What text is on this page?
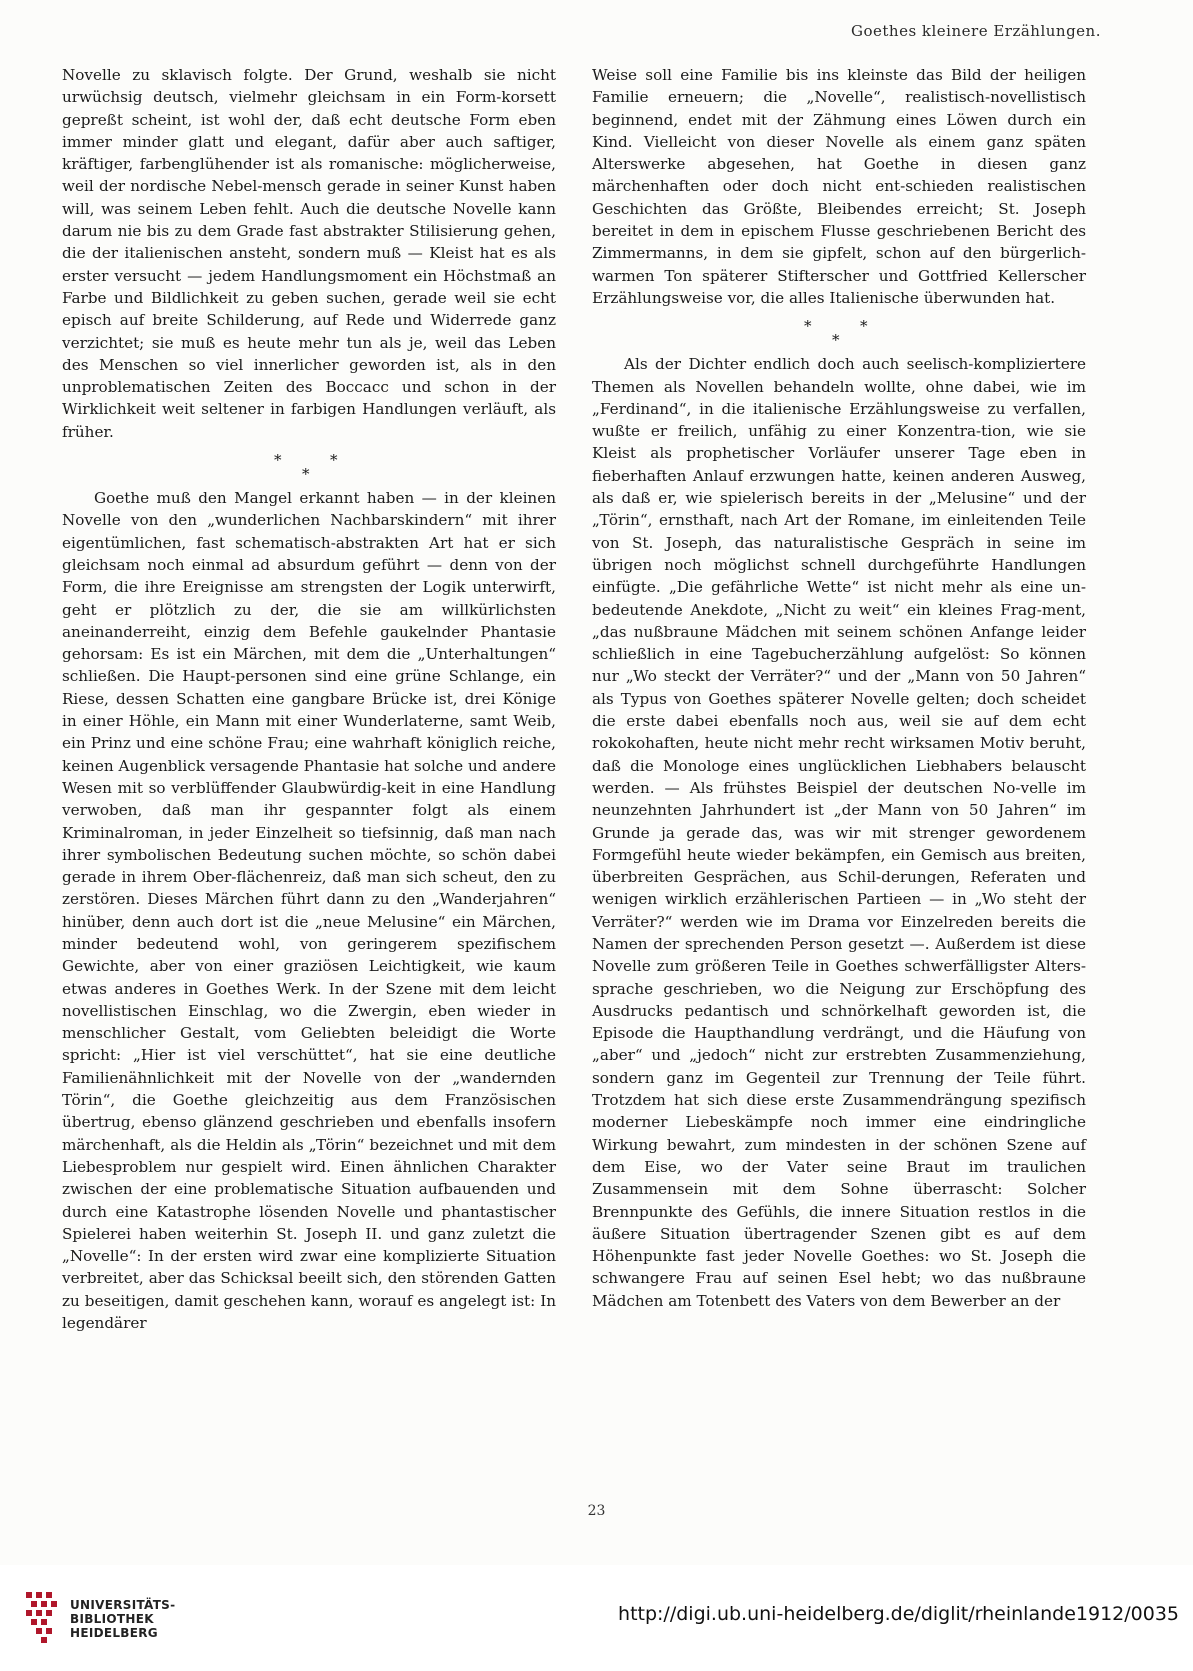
Goethes kleinere Erzählungen.

Novelle zu sklavisch folgte. Der Grund, weshalb sie nicht urwüchsig deutsch, vielmehr gleichsam in ein Form-korsett gepreßt scheint, ist wohl der, daß echt deutsche Form eben immer minder glatt und elegant, dafür aber auch saftiger, kräftiger, farbenglühender ist als romanische: möglicherweise, weil der nordische Nebel-mensch gerade in seiner Kunst haben will, was seinem Leben fehlt. Auch die deutsche Novelle kann darum nie bis zu dem Grade fast abstrakter Stilisierung gehen, die der italienischen ansteht, sondern muß — Kleist hat es als erster versucht — jedem Handlungsmoment ein Höchstmaß an Farbe und Bildlichkeit zu geben suchen, gerade weil sie echt episch auf breite Schilderung, auf Rede und Widerrede ganz verzichtet; sie muß es heute mehr tun als je, weil das Leben des Menschen so viel innerlicher geworden ist, als in den unproblematischen Zeiten des Boccacc und schon in der Wirklichkeit weit seltener in farbigen Handlungen verläuft, als früher.

*
*
*

Goethe muß den Mangel erkannt haben — in der kleinen Novelle von den „wunderlichen Nachbarskindern“ mit ihrer eigentümlichen, fast schematisch-abstrakten Art hat er sich gleichsam noch einmal ad absurdum geführt — denn von der Form, die ihre Ereignisse am strengsten der Logik unterwirft, geht er plötzlich zu der, die sie am willkürlichsten aneinanderreiht, einzig dem Befehle gaukelnder Phantasie gehorsam: Es ist ein Märchen, mit dem die „Unterhaltungen“ schließen. Die Haupt-personen sind eine grüne Schlange, ein Riese, dessen Schatten eine gangbare Brücke ist, drei Könige in einer Höhle, ein Mann mit einer Wunderlaterne, samt Weib, ein Prinz und eine schöne Frau; eine wahrhaft königlich reiche, keinen Augenblick versagende Phantasie hat solche und andere Wesen mit so verblüffender Glaubwürdig-keit in eine Handlung verwoben, daß man ihr gespannter folgt als einem Kriminalroman, in jeder Einzelheit so tiefsinnig, daß man nach ihrer symbolischen Bedeutung suchen möchte, so schön dabei gerade in ihrem Ober-flächenreiz, daß man sich scheut, den zu zerstören. Dieses Märchen führt dann zu den „Wanderjahren“ hinüber, denn auch dort ist die „neue Melusine“ ein Märchen, minder bedeutend wohl, von geringerem spezifischem Gewichte, aber von einer graziösen Leichtigkeit, wie kaum etwas anderes in Goethes Werk. In der Szene mit dem leicht novellistischen Einschlag, wo die Zwergin, eben wieder in menschlicher Gestalt, vom Geliebten beleidigt die Worte spricht: „Hier ist viel verschüttet“, hat sie eine deutliche Familienähnlichkeit mit der Novelle von der „wandernden Törin“, die Goethe gleichzeitig aus dem Französischen übertrug, ebenso glänzend geschrieben und ebenfalls insofern märchenhaft, als die Heldin als „Törin“ bezeichnet und mit dem Liebesproblem nur gespielt wird. Einen ähnlichen Charakter zwischen der eine problematische Situation aufbauenden und durch eine Katastrophe lösenden Novelle und phantastischer Spielerei haben weiterhin St. Joseph II. und ganz zuletzt die „Novelle“: In der ersten wird zwar eine komplizierte Situation verbreitet, aber das Schicksal beeilt sich, den störenden Gatten zu beseitigen, damit geschehen kann, worauf es angelegt ist: In legendärer

Weise soll eine Familie bis ins kleinste das Bild der heiligen Familie erneuern; die „Novelle“, realistisch-novellistisch beginnend, endet mit der Zähmung eines Löwen durch ein Kind. Vielleicht von dieser Novelle als einem ganz späten Alterswerke abgesehen, hat Goethe in diesen ganz märchenhaften oder doch nicht ent-schieden realistischen Geschichten das Größte, Bleibendes erreicht; St. Joseph bereitet in dem in epischem Flusse geschriebenen Bericht des Zimmermanns, in dem sie gipfelt, schon auf den bürgerlich-warmen Ton späterer Stifterscher und Gottfried Kellerscher Erzählungsweise vor, die alles Italienische überwunden hat.

*
*
*

Als der Dichter endlich doch auch seelisch-kompliziertere Themen als Novellen behandeln wollte, ohne dabei, wie im „Ferdinand“, in die italienische Erzählungsweise zu verfallen, wußte er freilich, unfähig zu einer Konzentra-tion, wie sie Kleist als prophetischer Vorläufer unserer Tage eben in fieberhaften Anlauf erzwungen hatte, keinen anderen Ausweg, als daß er, wie spielerisch bereits in der „Melusine“ und der „Törin“, ernsthaft, nach Art der Romane, im einleitenden Teile von St. Joseph, das naturalistische Gespräch in seine im übrigen noch möglichst schnell durchgeführte Handlungen einfügte. „Die gefährliche Wette“ ist nicht mehr als eine un-bedeutende Anekdote, „Nicht zu weit“ ein kleines Frag-ment, „das nußbraune Mädchen mit seinem schönen Anfange leider schließlich in eine Tagebucherzählung aufgelöst: So können nur „Wo steckt der Verräter?“ und der „Mann von 50 Jahren“ als Typus von Goethes späterer Novelle gelten; doch scheidet die erste dabei ebenfalls noch aus, weil sie auf dem echt rokokohaften, heute nicht mehr recht wirksamen Motiv beruht, daß die Monologe eines unglücklichen Liebhabers belauscht werden. — Als frühstes Beispiel der deutschen No-velle im neunzehnten Jahrhundert ist „der Mann von 50 Jahren“ im Grunde ja gerade das, was wir mit strenger gewordenem Formgefühl heute wieder bekämpfen, ein Gemisch aus breiten, überbreiten Gesprächen, aus Schil-derungen, Referaten und wenigen wirklich erzählerischen Partieen — in „Wo steht der Verräter?“ werden wie im Drama vor Einzelreden bereits die Namen der sprechenden Person gesetzt —. Außerdem ist diese Novelle zum größeren Teile in Goethes schwerfälligster Alters-sprache geschrieben, wo die Neigung zur Erschöpfung des Ausdrucks pedantisch und schnörkelhaft geworden ist, die Episode die Haupthandlung verdrängt, und die Häufung von „aber“ und „jedoch“ nicht zur erstrebten Zusammenziehung, sondern ganz im Gegenteil zur Trennung der Teile führt. Trotzdem hat sich diese erste Zusammendrängung spezifisch moderner Liebeskämpfe noch immer eine eindringliche Wirkung bewahrt, zum mindesten in der schönen Szene auf dem Eise, wo der Vater seine Braut im traulichen Zusammensein mit dem Sohne überrascht: Solcher Brennpunkte des Gefühls, die innere Situation restlos in die äußere Situation übertragender Szenen gibt es auf dem Höhenpunkte fast jeder Novelle Goethes: wo St. Joseph die schwangere Frau auf seinen Esel hebt; wo das nußbraune Mädchen am Totenbett des Vaters von dem Bewerber an der

23
UNIVERSITÄTS-
BIBLIOTHEK
HEIDELBERG
http://digi.ub.uni-heidelberg.de/diglit/rheinlande1912/0035
